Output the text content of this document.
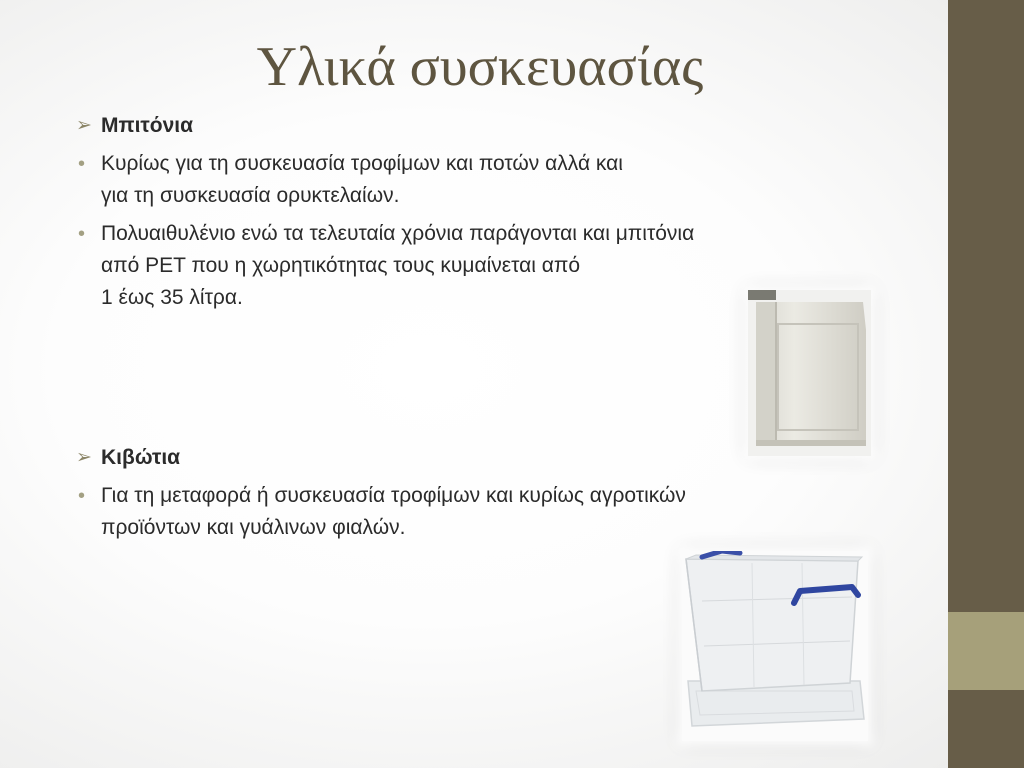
Υλικά συσκευασίας
➢ Μπιτόνια
• Κυρίως για τη συσκευασία τροφίμων και ποτών αλλά και
για τη συσκευασία ορυκτελαίων.
• Πολυαιθυλένιο ενώ τα τελευταία χρόνια παράγονται και μπιτόνια
από PET που η χωρητικότητας τους κυμαίνεται από
1 έως 35 λίτρα.
➢ Κιβώτια
• Για τη μεταφορά ή συσκευασία τροφίμων και κυρίως αγροτικών
προϊόντων και γυάλινων φιαλών.
